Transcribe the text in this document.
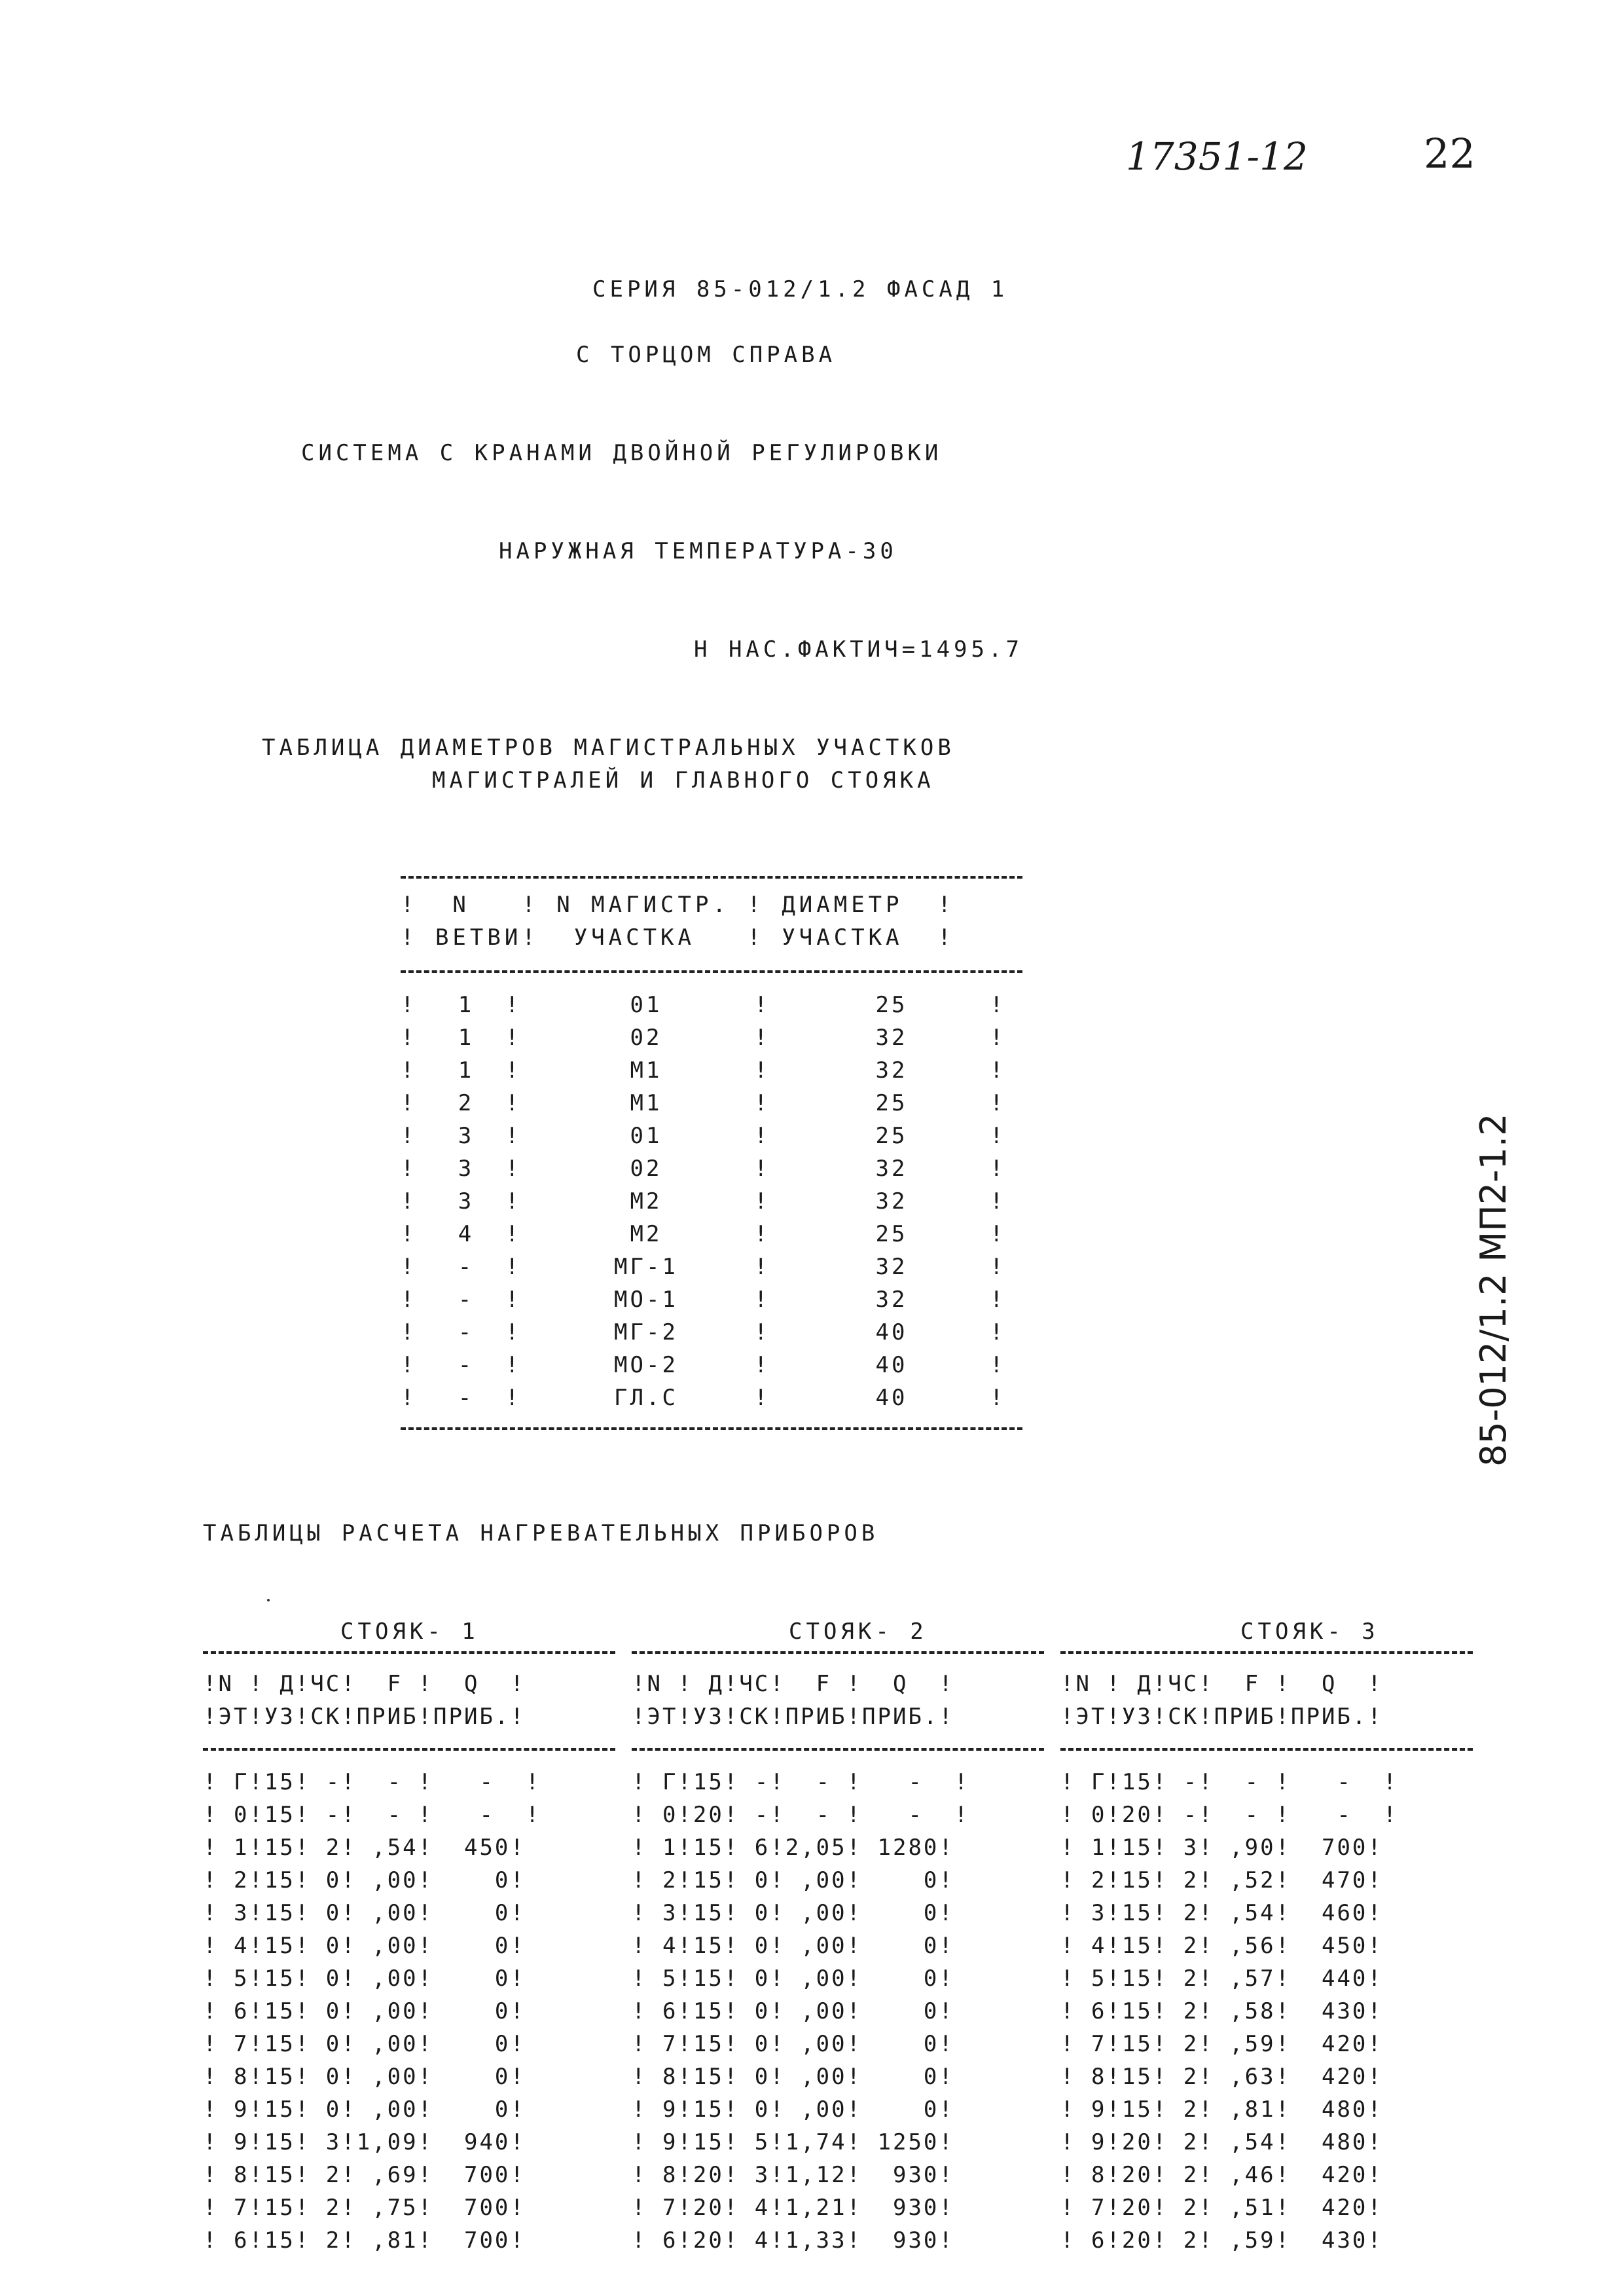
17351-12	22
СЕРИЯ 85-012/1.2 ФАСАД 1
С ТОРЦОМ СПРАВА
СИСТЕМА С КРАНАМИ ДВОЙНОЙ РЕГУЛИРОВКИ
НАРУЖНАЯ ТЕМПЕРАТУРА-30
Н НАС.ФАКТИЧ=1495.7
ТАБЛИЦА ДИАМЕТРОВ МАГИСТРАЛЬНЫХ УЧАСТКОВ
МАГИСТРАЛЕЙ И ГЛАВНОГО СТОЯКА
!  N   ! N МАГИСТР. ! ДИАМЕТР  !
! ВЕТВИ!  УЧАСТКА   ! УЧАСТКА  !
!	1	!	01	!	25	!
!	1	!	02	!	32	!
!	1	!	М1	!	32	!
!	2	!	М1	!	25	!
!	3	!	01	!	25	!
!	3	!	02	!	32	!
!	3	!	М2	!	32	!
!	4	!	М2	!	25	!
!	-	!	МГ-1	!	32	!
!	-	!	МО-1	!	32	!
!	-	!	МГ-2	!	40	!
!	-	!	МО-2	!	40	!
!	-	!	ГЛ.С	!	40	!
ТАБЛИЦЫ РАСЧЕТА НАГРЕВАТЕЛЬНЫХ ПРИБОРОВ
СТОЯК- 1	СТОЯК- 2	СТОЯК- 3
!N ! Д!ЧС!  F !  Q  !
!ЭТ!УЗ!СК!ПРИБ!ПРИБ.!
!N ! Д!ЧС!  F !  Q  !
!ЭТ!УЗ!СК!ПРИБ!ПРИБ.!
!N ! Д!ЧС!  F !  Q  !
!ЭТ!УЗ!СК!ПРИБ!ПРИБ.!
! Г!15! -!  - !   -  !
! 0!15! -!  - !   -  !
! 1!15! 2! ,54!  450!
! 2!15! 0! ,00!    0!
! 3!15! 0! ,00!    0!
! 4!15! 0! ,00!    0!
! 5!15! 0! ,00!    0!
! 6!15! 0! ,00!    0!
! 7!15! 0! ,00!    0!
! 8!15! 0! ,00!    0!
! 9!15! 0! ,00!    0!
! 9!15! 3!1,09!  940!
! 8!15! 2! ,69!  700!
! 7!15! 2! ,75!  700!
! 6!15! 2! ,81!  700!
! Г!15! -!  - !   -  !
! 0!20! -!  - !   -  !
! 1!15! 6!2,05! 1280!
! 2!15! 0! ,00!    0!
! 3!15! 0! ,00!    0!
! 4!15! 0! ,00!    0!
! 5!15! 0! ,00!    0!
! 6!15! 0! ,00!    0!
! 7!15! 0! ,00!    0!
! 8!15! 0! ,00!    0!
! 9!15! 0! ,00!    0!
! 9!15! 5!1,74! 1250!
! 8!20! 3!1,12!  930!
! 7!20! 4!1,21!  930!
! 6!20! 4!1,33!  930!
! Г!15! -!  - !   -  !
! 0!20! -!  - !   -  !
! 1!15! 3! ,90!  700!
! 2!15! 2! ,52!  470!
! 3!15! 2! ,54!  460!
! 4!15! 2! ,56!  450!
! 5!15! 2! ,57!  440!
! 6!15! 2! ,58!  430!
! 7!15! 2! ,59!  420!
! 8!15! 2! ,63!  420!
! 9!15! 2! ,81!  480!
! 9!20! 2! ,54!  480!
! 8!20! 2! ,46!  420!
! 7!20! 2! ,51!  420!
! 6!20! 2! ,59!  430!
85-012/1.2 МП2-1.2
